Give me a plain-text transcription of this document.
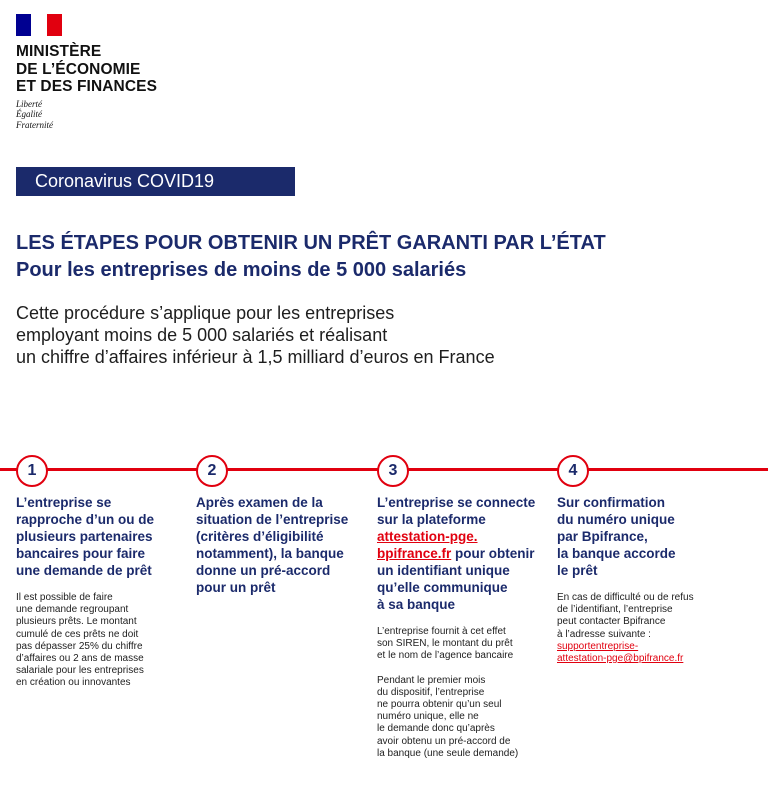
MINISTÈRE
DE L’ÉCONOMIE
ET DES FINANCES
Liberté
Égalité
Fraternité
Coronavirus COVID19
LES ÉTAPES POUR OBTENIR UN PRÊT GARANTI PAR L’ÉTAT
Pour les entreprises de moins de 5 000 salariés
Cette procédure s’applique pour les entreprises
employant moins de 5 000 salariés et réalisant
un chiffre d’affaires inférieur à 1,5 milliard d’euros en France
1	2	3	4
L’entreprise se
rapproche d’un ou de
plusieurs partenaires
bancaires pour faire
une demande de prêt
Il est possible de faire
une demande regroupant
plusieurs prêts. Le montant
cumulé de ces prêts ne doit
pas dépasser 25% du chiffre
d’affaires ou 2 ans de masse
salariale pour les entreprises
en création ou innovantes
Après examen de la
situation de l’entreprise
(critères d’éligibilité
notamment), la banque
donne un pré-accord
pour un prêt
L’entreprise se connecte
sur la plateforme
attestation-pge.
bpifrance.fr pour obtenir
un identifiant unique
qu’elle communique
à sa banque
L’entreprise fournit à cet effet
son SIREN, le montant du prêt
et le nom de l’agence bancaire
Pendant le premier mois
du dispositif, l’entreprise
ne pourra obtenir qu’un seul
numéro unique, elle ne
le demande donc qu’après
avoir obtenu un pré-accord de
la banque (une seule demande)
Sur confirmation
du numéro unique
par Bpifrance,
la banque accorde
le prêt
En cas de difficulté ou de refus
de l’identifiant, l’entreprise
peut contacter Bpifrance
à l’adresse suivante :
supportentreprise-
attestation-pge@bpifrance.fr
